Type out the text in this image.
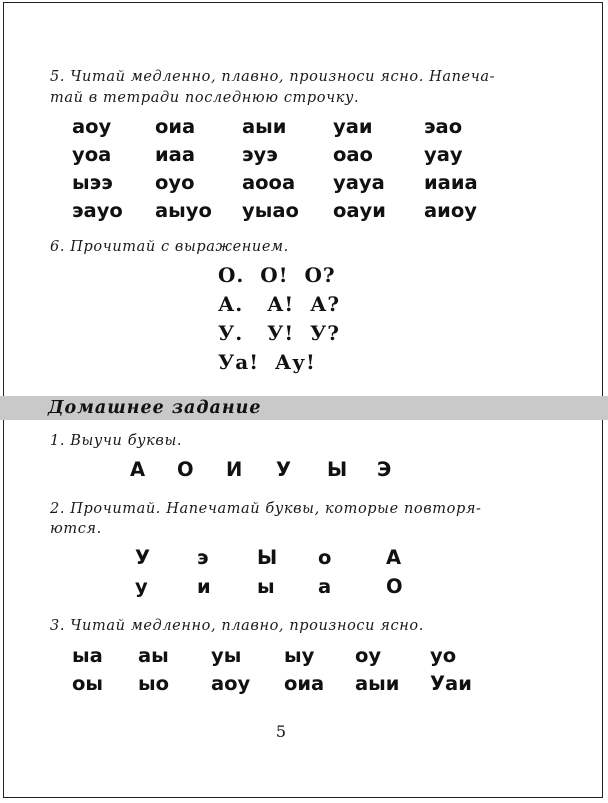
5. Читай медленно, плавно, произноси ясно. Напеча-
тай в тетради последнюю строчку.
аоу оиа аыи уаи	эао
уоа иаа эуэ	оао	уау
ыээ оуо аооа уауа иаиа
эауо аыуо уыао оауи аиоу
6. Прочитай с выражением.
О.  О!  О?
А.   А!  А?
У.   У!  У?
Уа!  Ау!
Домашнее задание
1. Выучи буквы.
А О И У Ы Э
2. Прочитай. Напечатай буквы, которые повторя-
ются.
У э Ы о	А
у	и ы а	О
3. Читай медленно, плавно, произноси ясно.
ыа аы уы ыу оу	уо
оы ыо аоу оиа аыи Уаи
5
